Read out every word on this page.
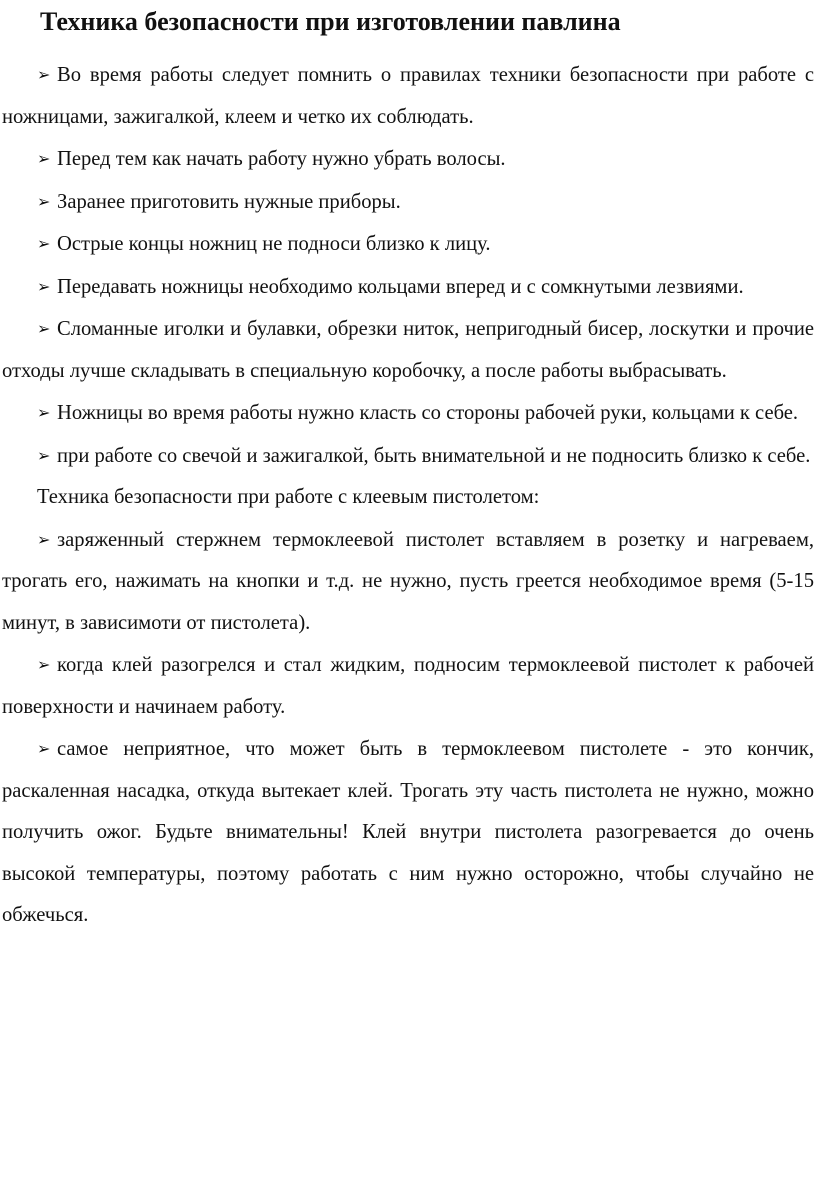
Техника безопасности при изготовлении павлина

➢ Во время работы следует помнить о правилах техники безопасности при работе с ножницами, зажигалкой, клеем и четко их соблюдать.

➢ Перед тем как начать работу нужно убрать волосы.

➢ Заранее приготовить нужные приборы.

➢ Острые концы ножниц не подноси близко к лицу.

➢ Передавать ножницы необходимо кольцами вперед и с сомкнутыми лезвиями.

➢ Сломанные иголки и булавки, обрезки ниток, непригодный бисер, лоскутки и прочие отходы лучше складывать в специальную коробочку, а после работы выбрасывать.

➢ Ножницы во время работы нужно класть со стороны рабочей руки, кольцами к себе.

➢ при работе со свечой и зажигалкой, быть внимательной и не подносить близко к себе.

Техника безопасности при работе с клеевым пистолетом:

➢ заряженный стержнем термоклеевой пистолет вставляем в розетку и нагреваем, трогать его, нажимать на кнопки и т.д. не нужно, пусть греется необходимое время (5-15 минут, в зависимоти от пистолета).

➢ когда клей разогрелся и стал жидким, подносим термоклеевой пистолет к рабочей поверхности и начинаем работу.

➢ самое неприятное, что может быть в термоклеевом пистолете - это кончик, раскаленная насадка, откуда вытекает клей. Трогать эту часть пистолета не нужно, можно получить ожог. Будьте внимательны! Клей внутри пистолета разогревается до очень высокой температуры, поэтому работать с ним нужно осторожно, чтобы случайно не обжечься.
